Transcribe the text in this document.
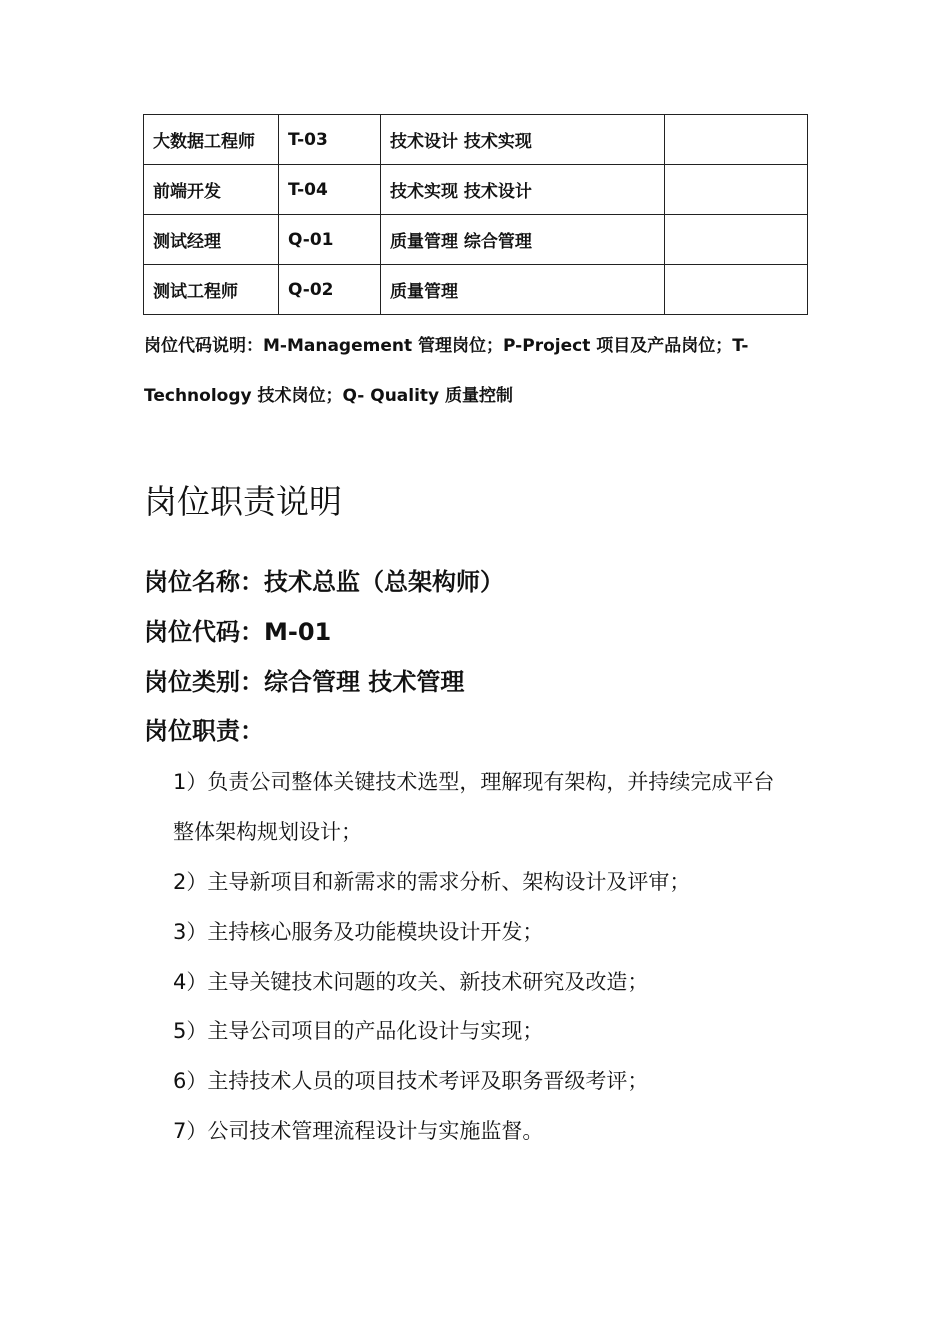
大数据工程师	T-03	技术设计 技术实现	
前端开发	T-04	技术实现 技术设计	
测试经理	Q-01	质量管理 综合管理	
测试工程师	Q-02	质量管理	
岗位代码说明：M-Management 管理岗位；P-Project 项目及产品岗位；T-
Technology 技术岗位；Q- Quality 质量控制
岗位职责说明

岗位名称：技术总监（总架构师）

岗位代码：M-01

岗位类别：综合管理 技术管理

岗位职责：

1）负责公司整体关键技术选型，理解现有架构，并持续完成平台

整体架构规划设计；

2）主导新项目和新需求的需求分析、架构设计及评审；

3）主持核心服务及功能模块设计开发；

4）主导关键技术问题的攻关、新技术研究及改造；

5）主导公司项目的产品化设计与实现；

6）主持技术人员的项目技术考评及职务晋级考评；

7）公司技术管理流程设计与实施监督。
